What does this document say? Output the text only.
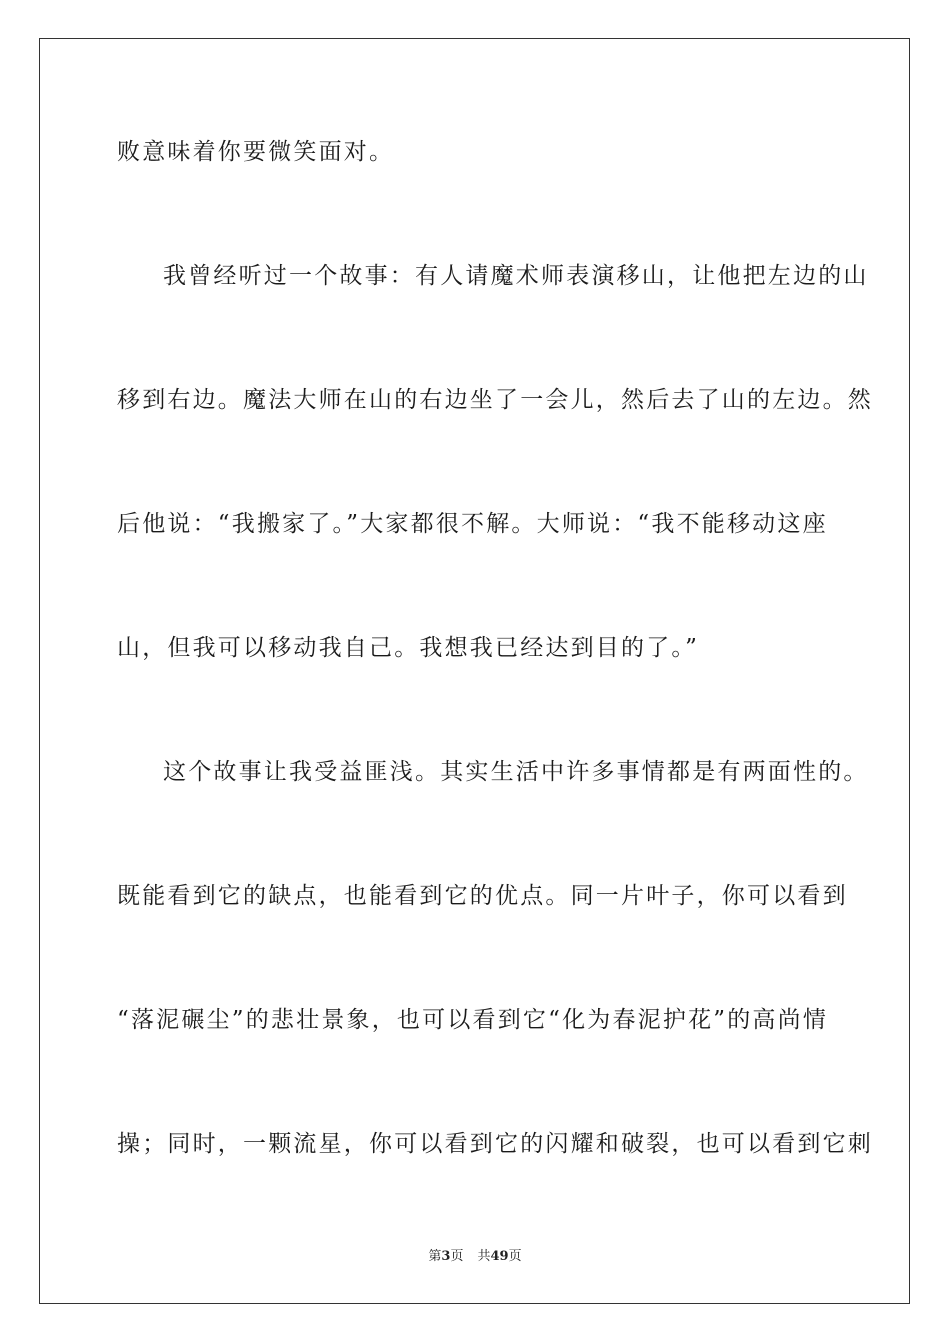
败意味着你要微笑面对。
我曾经听过一个故事：有人请魔术师表演移山，让他把左边的山
移到右边。魔法大师在山的右边坐了一会儿，然后去了山的左边。然
后他说：“我搬家了。”大家都很不解。大师说：“我不能移动这座
山，但我可以移动我自己。我想我已经达到目的了。”
这个故事让我受益匪浅。其实生活中许多事情都是有两面性的。
既能看到它的缺点，也能看到它的优点。同一片叶子，你可以看到
“落泥碾尘”的悲壮景象，也可以看到它“化为春泥护花”的高尚情
操；同时，一颗流星，你可以看到它的闪耀和破裂，也可以看到它刺
第3页 共49页
